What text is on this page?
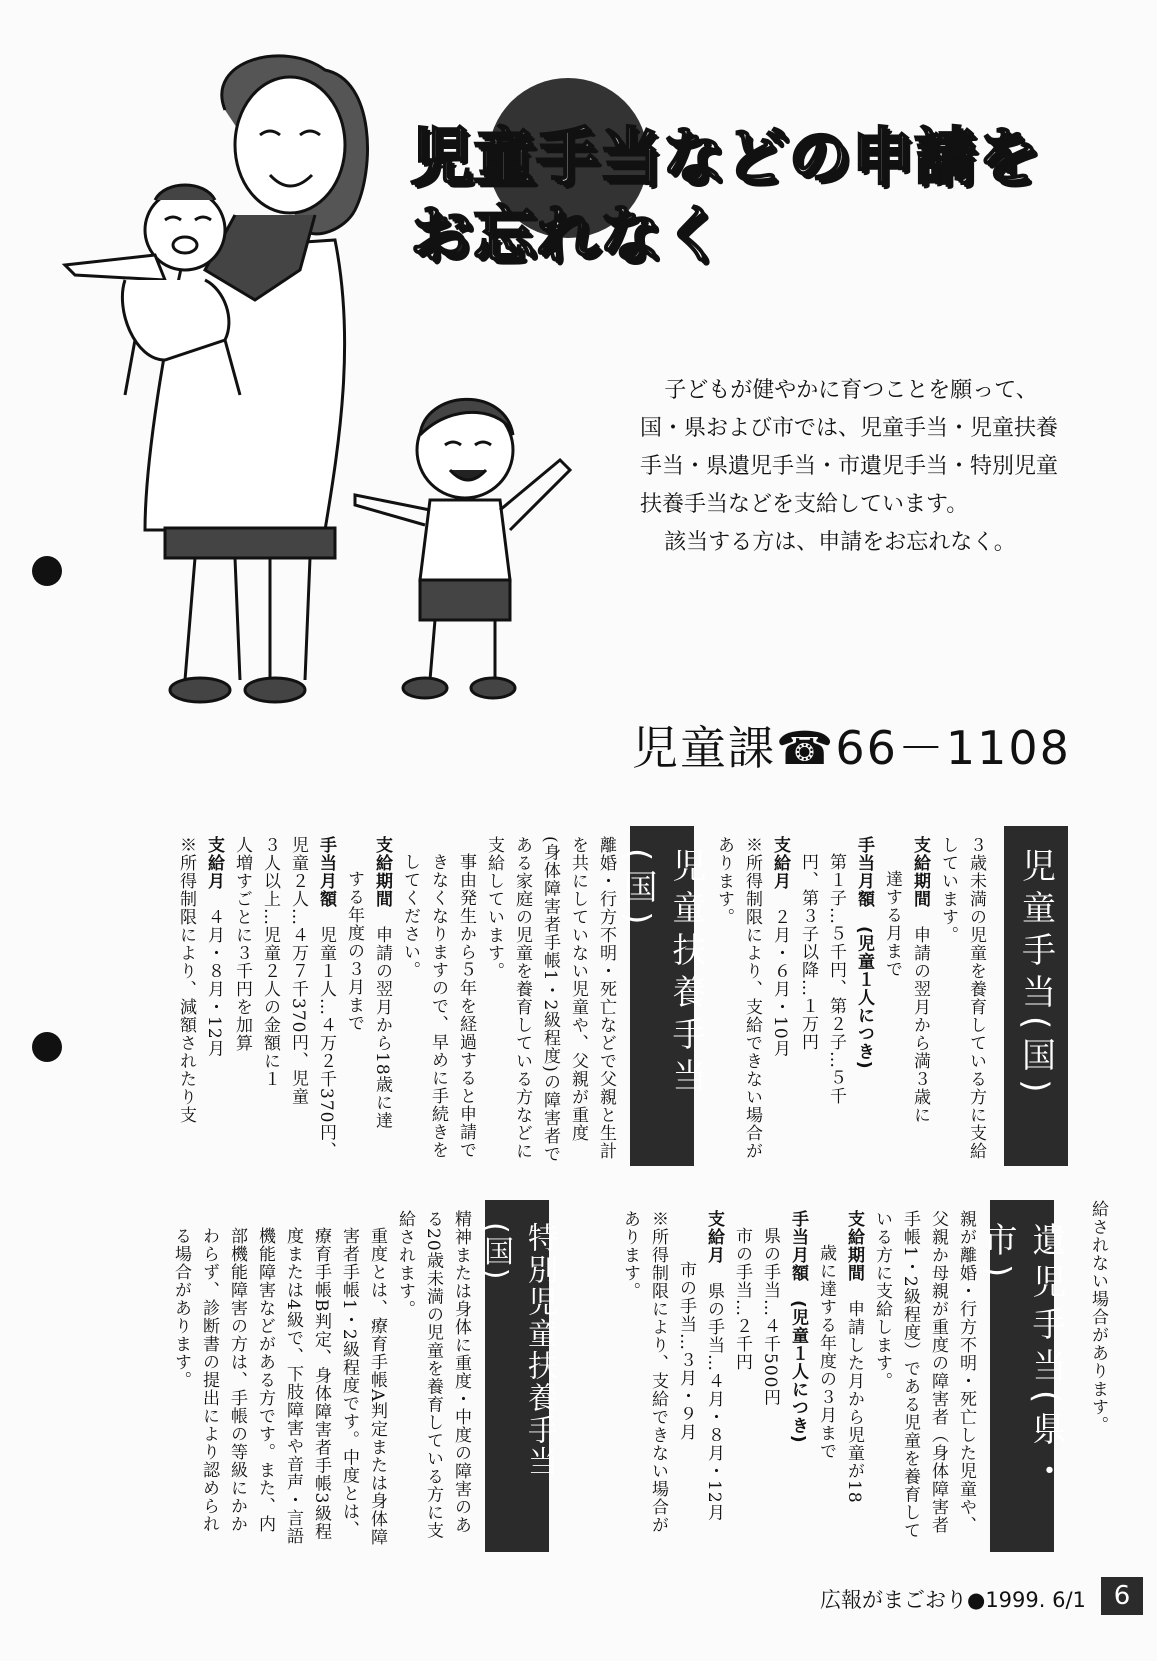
児童手当などの申請を
お忘れなく

子どもが健やかに育つことを願って、国・県および市では、児童手当・児童扶養手当・県遺児手当・市遺児手当・特別児童扶養手当などを支給しています。

該当する方は、申請をお忘れなく。

児童課☎66－1108
児童手当(国)

３歳未満の児童を養育している方に支給しています。

支給期間　申請の翌月から満３歳に

達する月まで

手当月額　(児童１人につき)

第１子…５千円、第２子…５千

円、第３子以降…１万円

支給月　２月・６月・10月

※所得制限により、支給できない場合があります。

児童扶養手当(国)

離婚・行方不明・死亡などで父親と生計を共にしていない児童や、父親が重度(身体障害者手帳1・2級程度)の障害者である家庭の児童を養育している方などに支給しています。

事由発生から５年を経過すると申請できなくなりますので、早めに手続きをしてください。

支給期間　申請の翌月から18歳に達

する年度の３月まで

手当月額　児童１人…４万２千370円、

児童２人…４万７千370円、児童

３人以上…児童２人の金額に１

人増すごとに３千円を加算

支給月　４月・８月・12月

※所得制限により、減額されたり支

給されない場合があります。

遺児手当(県・市)

親が離婚・行方不明・死亡した児童や、父親か母親が重度の障害者（身体障害者手帳1・2級程度）である児童を養育している方に支給します。

支給期間　申請した月から児童が18

歳に達する年度の３月まで

手当月額　(児童１人につき)

県の手当…４千500円

市の手当…２千円

支給月　県の手当…４月・８月・12月

市の手当…３月・９月

※所得制限により、支給できない場合があります。

特別児童扶養手当(国)

精神または身体に重度・中度の障害のある20歳未満の児童を養育している方に支給されます。

重度とは、療育手帳A判定または身体障害者手帳1・2級程度です。中度とは、療育手帳B判定、身体障害者手帳3級程度または4級で、下肢障害や音声・言語機能障害などがある方です。また、内部機能障害の方は、手帳の等級にかかわらず、診断書の提出により認められる場合があります。

広報がまごおり●1999. 6/1	6
